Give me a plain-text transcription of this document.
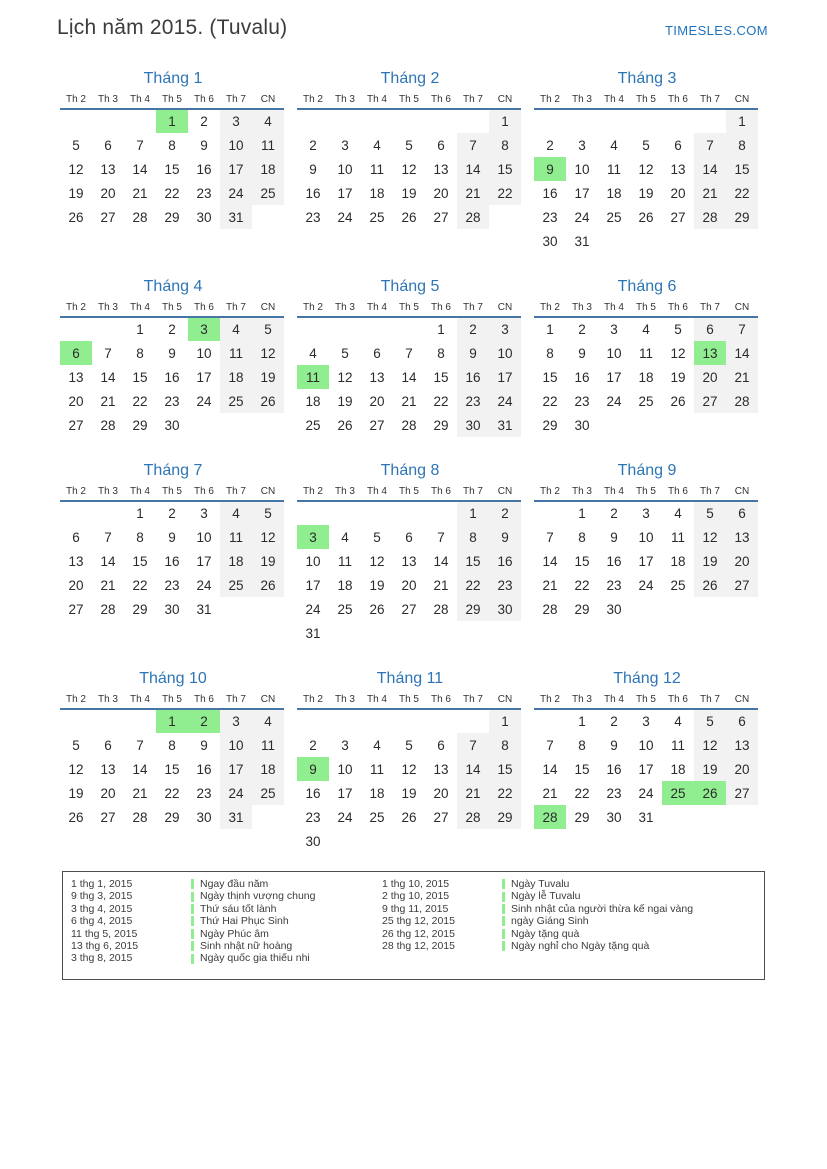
Lịch năm 2015. (Tuvalu)	TIMESLES.COM
Tháng 1
Th 2	Th 3	Th 4	Th 5	Th 6	Th 7	CN
			1	2	3	4
5	6	7	8	9	10	11
12	13	14	15	16	17	18
19	20	21	22	23	24	25
26	27	28	29	30	31	
Tháng 2
Th 2	Th 3	Th 4	Th 5	Th 6	Th 7	CN
						1
2	3	4	5	6	7	8
9	10	11	12	13	14	15
16	17	18	19	20	21	22
23	24	25	26	27	28	
Tháng 3
Th 2	Th 3	Th 4	Th 5	Th 6	Th 7	CN
						1
2	3	4	5	6	7	8
9	10	11	12	13	14	15
16	17	18	19	20	21	22
23	24	25	26	27	28	29
30	31					
Tháng 4
Th 2	Th 3	Th 4	Th 5	Th 6	Th 7	CN
		1	2	3	4	5
6	7	8	9	10	11	12
13	14	15	16	17	18	19
20	21	22	23	24	25	26
27	28	29	30			
Tháng 5
Th 2	Th 3	Th 4	Th 5	Th 6	Th 7	CN
				1	2	3
4	5	6	7	8	9	10
11	12	13	14	15	16	17
18	19	20	21	22	23	24
25	26	27	28	29	30	31
Tháng 6
Th 2	Th 3	Th 4	Th 5	Th 6	Th 7	CN
1	2	3	4	5	6	7
8	9	10	11	12	13	14
15	16	17	18	19	20	21
22	23	24	25	26	27	28
29	30					
Tháng 7
Th 2	Th 3	Th 4	Th 5	Th 6	Th 7	CN
		1	2	3	4	5
6	7	8	9	10	11	12
13	14	15	16	17	18	19
20	21	22	23	24	25	26
27	28	29	30	31		
Tháng 8
Th 2	Th 3	Th 4	Th 5	Th 6	Th 7	CN
					1	2
3	4	5	6	7	8	9
10	11	12	13	14	15	16
17	18	19	20	21	22	23
24	25	26	27	28	29	30
31						
Tháng 9
Th 2	Th 3	Th 4	Th 5	Th 6	Th 7	CN
	1	2	3	4	5	6
7	8	9	10	11	12	13
14	15	16	17	18	19	20
21	22	23	24	25	26	27
28	29	30				
Tháng 10
Th 2	Th 3	Th 4	Th 5	Th 6	Th 7	CN
			1	2	3	4
5	6	7	8	9	10	11
12	13	14	15	16	17	18
19	20	21	22	23	24	25
26	27	28	29	30	31	
Tháng 11
Th 2	Th 3	Th 4	Th 5	Th 6	Th 7	CN
						1
2	3	4	5	6	7	8
9	10	11	12	13	14	15
16	17	18	19	20	21	22
23	24	25	26	27	28	29
30						
Tháng 12
Th 2	Th 3	Th 4	Th 5	Th 6	Th 7	CN
	1	2	3	4	5	6
7	8	9	10	11	12	13
14	15	16	17	18	19	20
21	22	23	24	25	26	27
28	29	30	31			
1 thg 1, 2015	Ngay đầu năm
9 thg 3, 2015	Ngày thịnh vượng chung
3 thg 4, 2015	Thứ sáu tốt lành
6 thg 4, 2015	Thứ Hai Phục Sinh
11 thg 5, 2015	Ngày Phúc âm
13 thg 6, 2015	Sinh nhật nữ hoàng
3 thg 8, 2015	Ngày quốc gia thiếu nhi
1 thg 10, 2015	Ngày Tuvalu
2 thg 10, 2015	Ngày lễ Tuvalu
9 thg 11, 2015	Sinh nhật của người thừa kế ngai vàng
25 thg 12, 2015	ngày Giáng Sinh
26 thg 12, 2015	Ngày tặng quà
28 thg 12, 2015	Ngày nghỉ cho Ngày tặng quà
